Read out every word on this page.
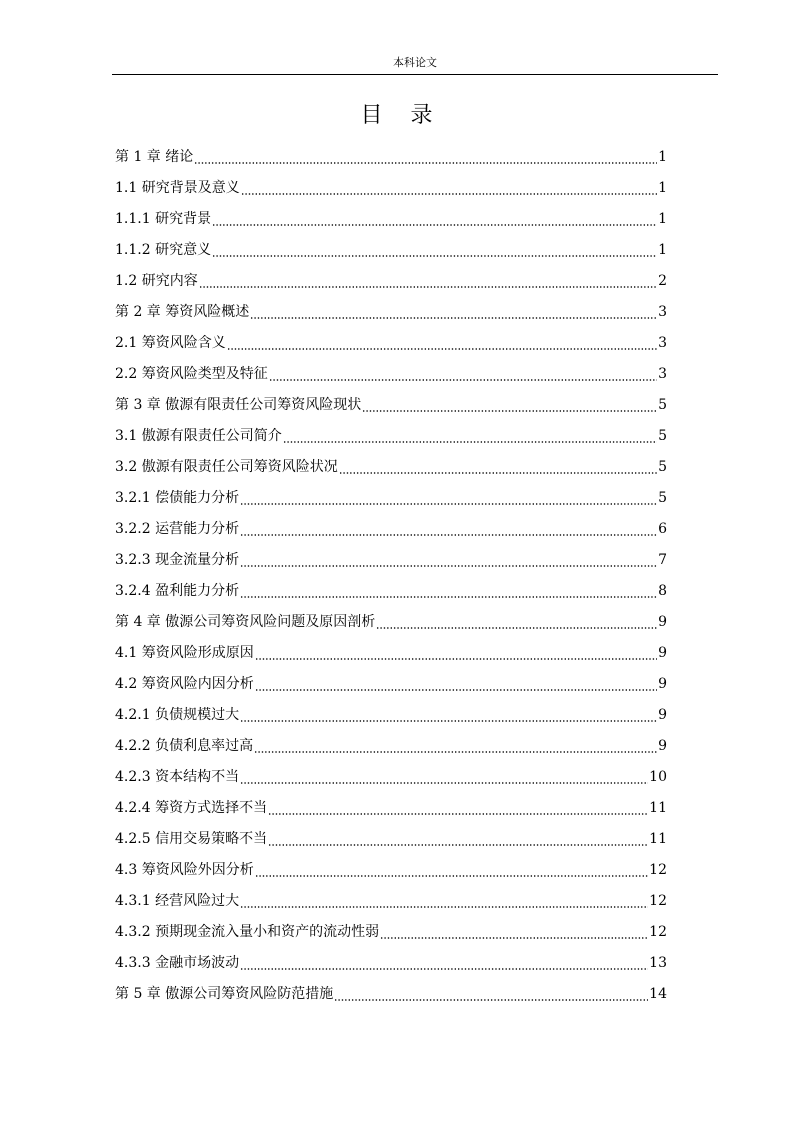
本科论文
目录
第 1 章 绪论	1
1.1 研究背景及意义	1
1.1.1 研究背景	1
1.1.2 研究意义	1
1.2 研究内容	2
第 2 章 筹资风险概述	3
2.1 筹资风险含义	3
2.2 筹资风险类型及特征	3
第 3 章 傲源有限责任公司筹资风险现状	5
3.1 傲源有限责任公司简介	5
3.2 傲源有限责任公司筹资风险状况	5
3.2.1 偿债能力分析	5
3.2.2 运营能力分析	6
3.2.3 现金流量分析	7
3.2.4 盈利能力分析	8
第 4 章 傲源公司筹资风险问题及原因剖析	9
4.1 筹资风险形成原因	9
4.2 筹资风险内因分析	9
4.2.1 负债规模过大	9
4.2.2 负债利息率过高	9
4.2.3 资本结构不当	10
4.2.4 筹资方式选择不当	11
4.2.5 信用交易策略不当	11
4.3 筹资风险外因分析	12
4.3.1 经营风险过大	12
4.3.2 预期现金流入量小和资产的流动性弱	12
4.3.3 金融市场波动	13
第 5 章 傲源公司筹资风险防范措施	14
